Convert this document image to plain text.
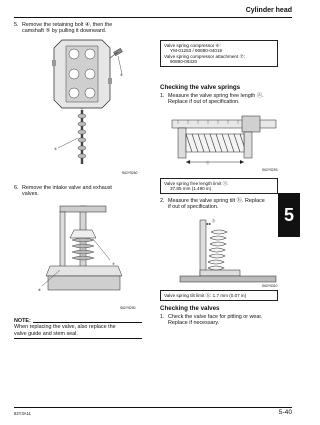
Cylinder head
5
5. Remove the retaining bolt ④, then the
camshaft ⑤ by pulling it downward.
④
⑤
S62Y5260
6. Remove the intake valve and exhaust
valves.
⑦
⑥
S62Y5290
NOTE:
When replacing the valve, also replace the
valve guide and stem seal.
Valve spring compressor ⑥:
YM-01253 / 90890-04019
Valve spring compressor attachment ⑦:
90890-06320
Checking the valve springs
1. Measure the valve spring free length ⓐ.
Replace if out of specification.
ⓐ
S62Y5293
Valve spring free length limit ⓐ:
37.85 mm (1.490 in)
2. Measure the valve spring tilt ⓑ. Replace
if out of specification.
ⓑ
S62Y5310
Valve spring tilt limit ⓑ: 1.7 mm (0.07 in)
Checking the valves
1. Check the valve face for pitting or wear.
Replace if necessary.
62Y3A11	5-40
